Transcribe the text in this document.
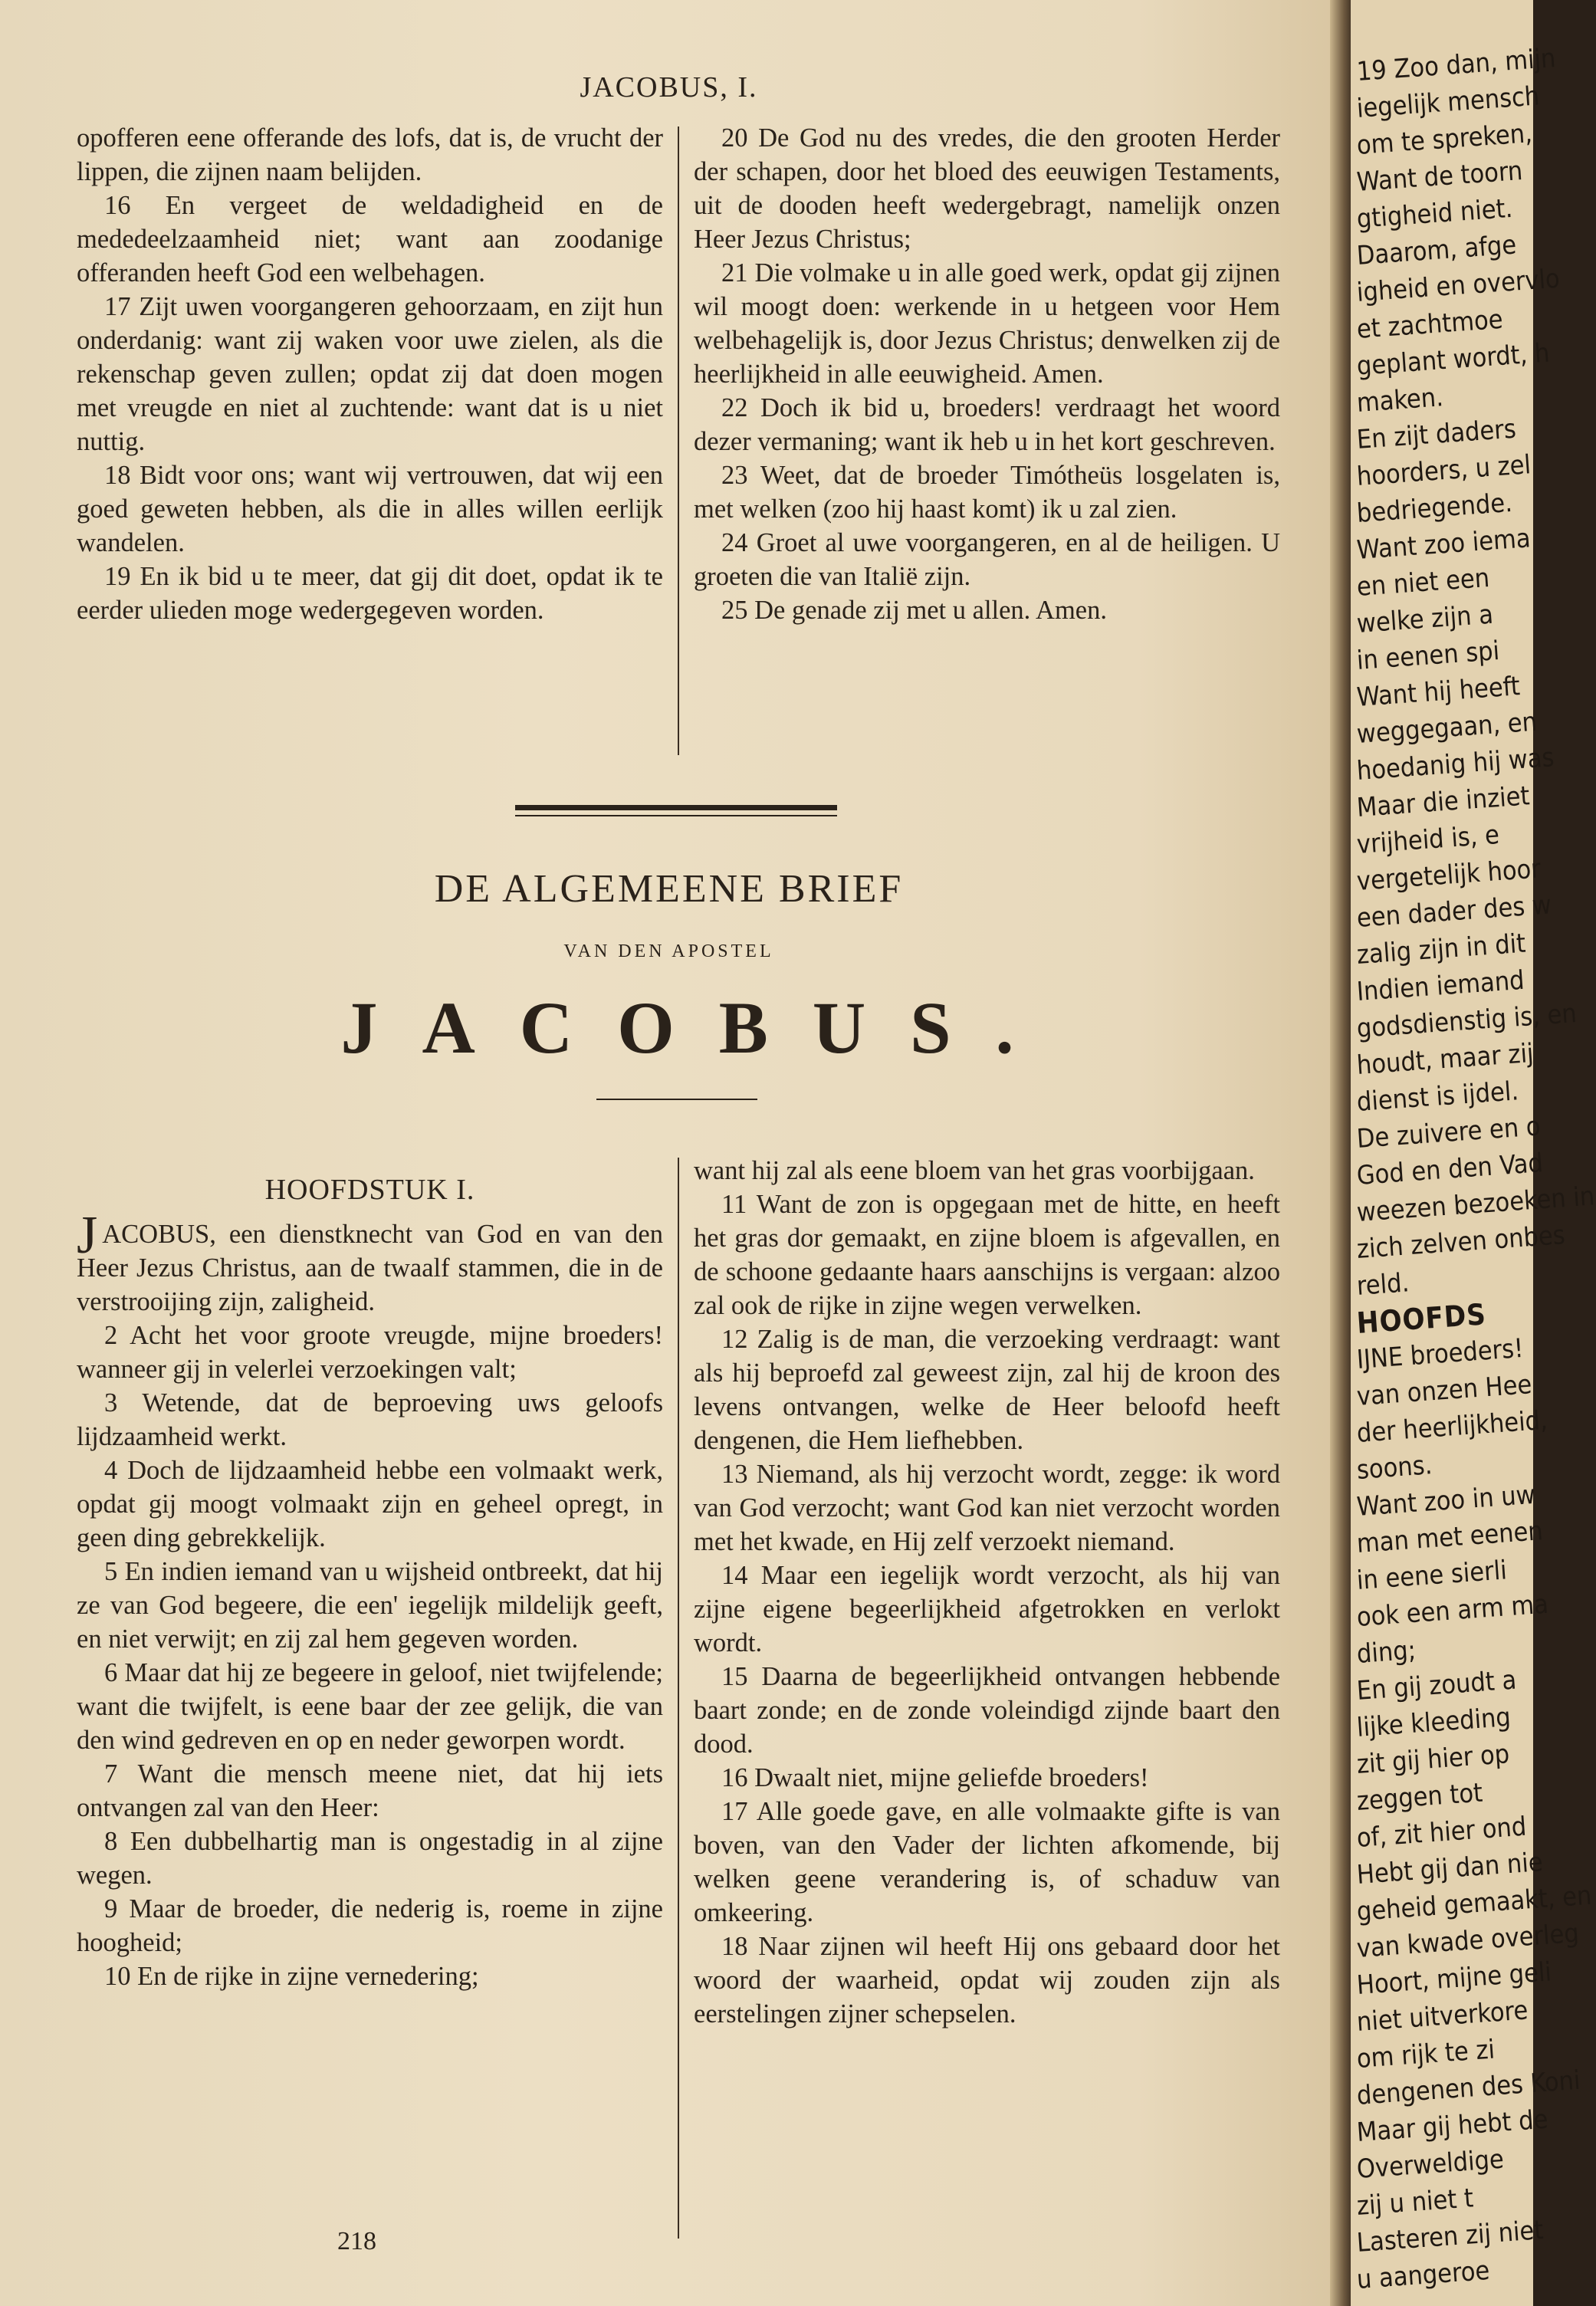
JACOBUS, I.

opofferen eene offerande des lofs, dat is, de vrucht der lippen, die zijnen naam belijden.

16 En vergeet de weldadigheid en de mededeelzaamheid niet; want aan zoodanige offeranden heeft God een welbehagen.

17 Zijt uwen voorgangeren gehoorzaam, en zijt hun onderdanig: want zij waken voor uwe zielen, als die rekenschap geven zullen; opdat zij dat doen mogen met vreugde en niet al zuchtende: want dat is u niet nuttig.

18 Bidt voor ons; want wij vertrouwen, dat wij een goed geweten hebben, als die in alles willen eerlijk wandelen.

19 En ik bid u te meer, dat gij dit doet, opdat ik te eerder ulieden moge wedergegeven worden.

20 De God nu des vredes, die den grooten Herder der schapen, door het bloed des eeuwigen Testaments, uit de dooden heeft wedergebragt, namelijk onzen Heer Jezus Christus;

21 Die volmake u in alle goed werk, opdat gij zijnen wil moogt doen: werkende in u hetgeen voor Hem welbehagelijk is, door Jezus Christus; denwelken zij de heerlijkheid in alle eeuwigheid. Amen.

22 Doch ik bid u, broeders! verdraagt het woord dezer vermaning; want ik heb u in het kort geschreven.

23 Weet, dat de broeder Timótheüs losgelaten is, met welken (zoo hij haast komt) ik u zal zien.

24 Groet al uwe voorgangeren, en al de heiligen. U groeten die van Italië zijn.

25 De genade zij met u allen. Amen.

DE ALGEMEENE BRIEF
VAN DEN APOSTEL
JACOBUS.
HOOFDSTUK I.

JACOBUS, een dienstknecht van God en van den Heer Jezus Christus, aan de twaalf stammen, die in de verstrooijing zijn, zaligheid.

2 Acht het voor groote vreugde, mijne broeders! wanneer gij in velerlei verzoekingen valt;

3 Wetende, dat de beproeving uws geloofs lijdzaamheid werkt.

4 Doch de lijdzaamheid hebbe een volmaakt werk, opdat gij moogt volmaakt zijn en geheel opregt, in geen ding gebrekkelijk.

5 En indien iemand van u wijsheid ontbreekt, dat hij ze van God begeere, die een' iegelijk mildelijk geeft, en niet verwijt; en zij zal hem gegeven worden.

6 Maar dat hij ze begeere in geloof, niet twijfelende; want die twijfelt, is eene baar der zee gelijk, die van den wind gedreven en op en neder geworpen wordt.

7 Want die mensch meene niet, dat hij iets ontvangen zal van den Heer:

8 Een dubbelhartig man is ongestadig in al zijne wegen.

9 Maar de broeder, die nederig is, roeme in zijne hoogheid;

10 En de rijke in zijne vernedering;

want hij zal als eene bloem van het gras voorbijgaan.

11 Want de zon is opgegaan met de hitte, en heeft het gras dor gemaakt, en zijne bloem is afgevallen, en de schoone gedaante haars aanschijns is vergaan: alzoo zal ook de rijke in zijne wegen verwelken.

12 Zalig is de man, die verzoeking verdraagt: want als hij beproefd zal geweest zijn, zal hij de kroon des levens ontvangen, welke de Heer beloofd heeft dengenen, die Hem liefhebben.

13 Niemand, als hij verzocht wordt, zegge: ik word van God verzocht; want God kan niet verzocht worden met het kwade, en Hij zelf verzoekt niemand.

14 Maar een iegelijk wordt verzocht, als hij van zijne eigene begeerlijkheid afgetrokken en verlokt wordt.

15 Daarna de begeerlijkheid ontvangen hebbende baart zonde; en de zonde voleindigd zijnde baart den dood.

16 Dwaalt niet, mijne geliefde broeders!

17 Alle goede gave, en alle volmaakte gifte is van boven, van den Vader der lichten afkomende, bij welken geene verandering is, of schaduw van omkeering.

18 Naar zijnen wil heeft Hij ons gebaard door het woord der waarheid, opdat wij zouden zijn als eerstelingen zijner schepselen.

218
19 Zoo dan, mijn
iegelijk mensch
om te spreken,
Want de toorn
gtigheid niet.
Daarom, afge
igheid en overvlo
et zachtmoe
geplant wordt, h
maken.
En zijt daders
hoorders, u zel
bedriegende.
Want zoo iema
en niet een
welke zijn a
in eenen spi
Want hij heeft
weggegaan, en
hoedanig hij was
Maar die inziet
vrijheid is, e
vergetelijk hoor
een dader des w
zalig zijn in dit
Indien iemand
godsdienstig is, en
houdt, maar zij
dienst is ijdel.
De zuivere en o
God en den Vad
weezen bezoeken in
zich zelven onbes
reld.
HOOFDS
IJNE broeders!
van onzen Hee
der heerlijkheid,
soons.
Want zoo in uw
man met eenen
in eene sierli
ook een arm ma
ding;
En gij zoudt a
lijke kleeding
zit gij hier op
zeggen tot
of, zit hier ond
Hebt gij dan nie
geheid gemaakt, en
van kwade overleg
Hoort, mijne geli
niet uitverkore
om rijk te zi
dengenen des Koni
Maar gij hebt de
Overweldige
zij u niet t
Lasteren zij niet
u aangeroe
